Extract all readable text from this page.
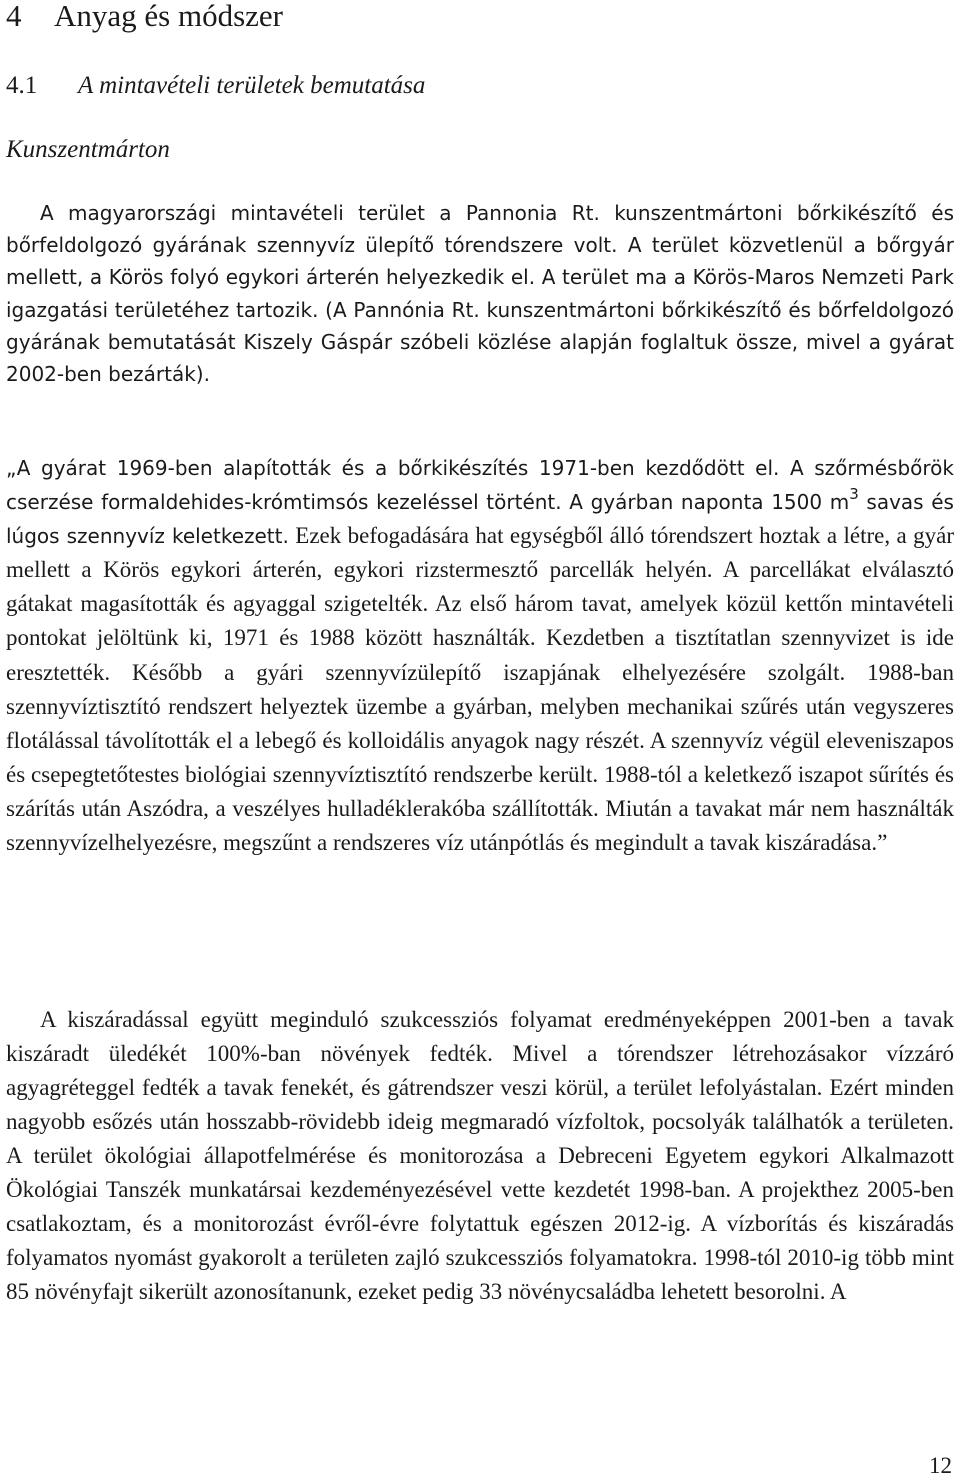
4 Anyag és módszer
4.1 A mintavételi területek bemutatása
Kunszentmárton

A magyarországi mintavételi terület a Pannonia Rt. kunszentmártoni bőrkikészítő és bőrfeldolgozó gyárának szennyvíz ülepítő tórendszere volt. A terület közvetlenül a bőrgyár mellett, a Körös folyó egykori árterén helyezkedik el. A terület ma a Körös-Maros Nemzeti Park igazgatási területéhez tartozik. (A Pannónia Rt. kunszentmártoni bőrkikészítő és bőrfeldolgozó gyárának bemutatását Kiszely Gáspár szóbeli közlése alapján foglaltuk össze, mivel a gyárat 2002-ben bezárták).

„A gyárat 1969-ben alapították és a bőrkikészítés 1971-ben kezdődött el. A szőrmésbőrök cserzése formaldehides-krómtimsós kezeléssel történt. A gyárban naponta 1500 $m^3$ savas és lúgos szennyvíz keletkezett. Ezek befogadására hat egységből álló tórendszert hoztak a létre, a gyár mellett a Körös egykori árterén, egykori rizstermesztő parcellák helyén. A parcellákat elválasztó gátakat magasították és agyaggal szigetelték. Az első három tavat, amelyek közül kettőn mintavételi pontokat jelöltünk ki, 1971 és 1988 között használták. Kezdetben a tisztítatlan szennyvizet is ide eresztették. Később a gyári szennyvízülepítő iszapjának elhelyezésére szolgált. 1988-ban szennyvíztisztító rendszert helyeztek üzembe a gyárban, melyben mechanikai szűrés után vegyszeres flotálással távolították el a lebegő és kolloidális anyagok nagy részét. A szennyvíz végül eleveniszapos és csepegtetőtestes biológiai szennyvíztisztító rendszerbe került. 1988-tól a keletkező iszapot sűrítés és szárítás után Aszódra, a veszélyes hulladéklerakóba szállították. Miután a tavakat már nem használták szennyvízelhelyezésre, megszűnt a rendszeres víz utánpótlás és megindult a tavak kiszáradása.”

A kiszáradással együtt meginduló szukcessziós folyamat eredményeképpen 2001-ben a tavak kiszáradt üledékét 100%-ban növények fedték. Mivel a tórendszer létrehozásakor vízzáró agyagréteggel fedték a tavak fenekét, és gátrendszer veszi körül, a terület lefolyástalan. Ezért minden nagyobb esőzés után hosszabb-rövidebb ideig megmaradó vízfoltok, pocsolyák találhatók a területen. A terület ökológiai állapotfelmérése és monitorozása a Debreceni Egyetem egykori Alkalmazott Ökológiai Tanszék munkatársai kezdeményezésével vette kezdetét 1998-ban. A projekthez 2005-ben csatlakoztam, és a monitorozást évről-évre folytattuk egészen 2012-ig. A vízborítás és kiszáradás folyamatos nyomást gyakorolt a területen zajló szukcessziós folyamatokra. 1998-tól 2010-ig több mint 85 növényfajt sikerült azonosítanunk, ezeket pedig 33 növénycsaládba lehetett besorolni. A

12
